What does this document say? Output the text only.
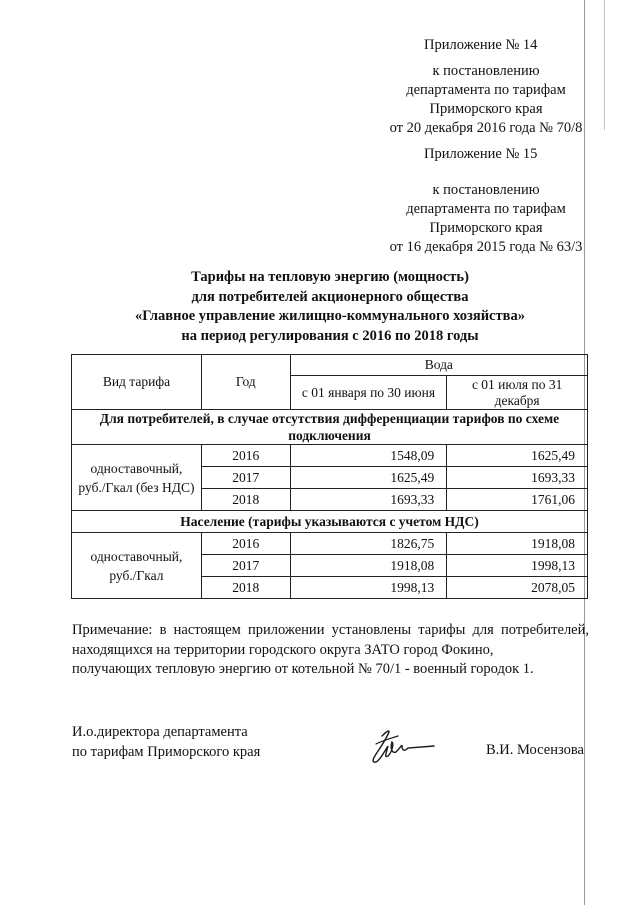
Приложение № 14
к постановлению
департамента по тарифам
Приморского края
от 20 декабря 2016 года № 70/8
Приложение № 15
к постановлению
департамента по тарифам
Приморского края
от 16 декабря 2015 года № 63/3
Тарифы на тепловую энергию (мощность)
для потребителей акционерного общества
«Главное управление жилищно-коммунального хозяйства»
на период регулирования с 2016 по 2018 годы
Вид тарифа	Год	Вода	
		с 01 января по 30 июня	с 01 июля по 31 декабря
Для потребителей, в случае отсутствия дифференциации тарифов по схеме подключения			
одноставочный, руб./Гкал (без НДС)	2016	1548,09	1625,49
	2017	1625,49	1693,33
	2018	1693,33	1761,06
Население (тарифы указываются с учетом НДС)			
одноставочный, руб./Гкал	2016	1826,75	1918,08
	2017	1918,08	1998,13
	2018	1998,13	2078,05
Примечание: в настоящем приложении установлены тарифы для потребителей, находящихся на территории городского округа ЗАТО город Фокино,
получающих тепловую энергию от котельной № 70/1 - военный городок 1.
И.о.директора департамента
по тарифам Приморского края	В.И. Мосензова
